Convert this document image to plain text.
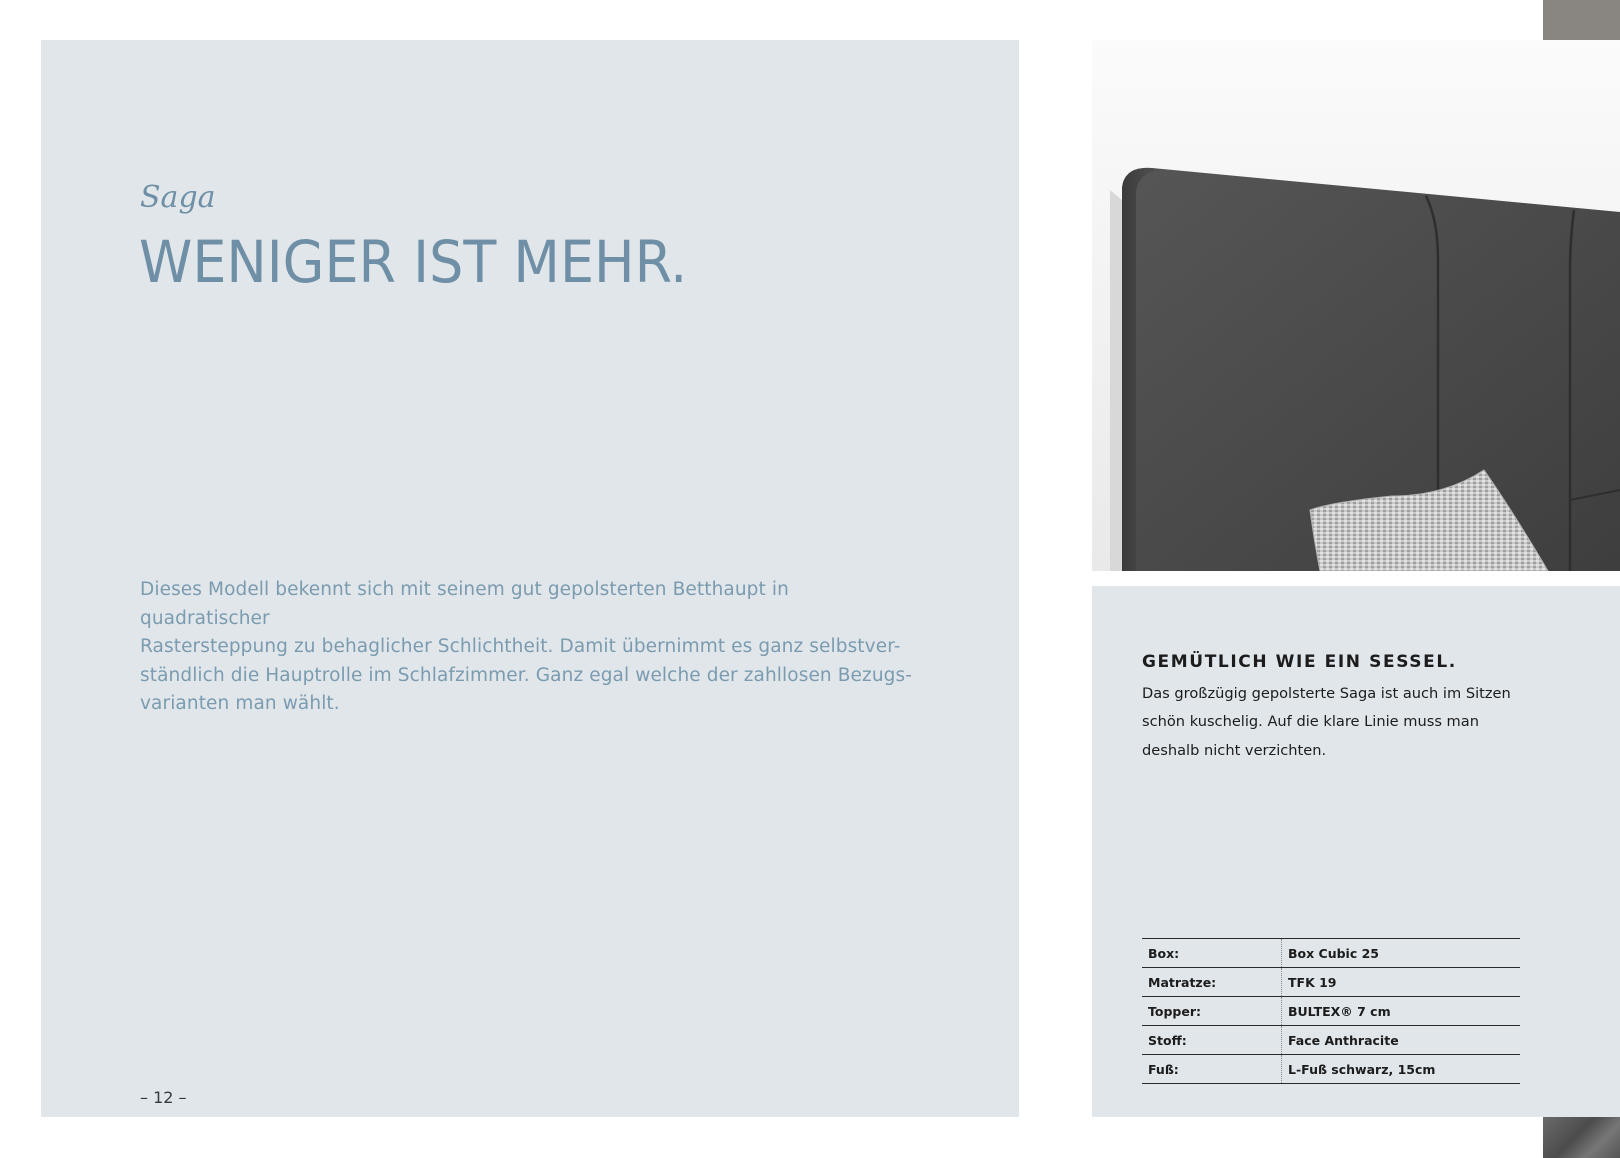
Saga
WENIGER IST MEHR.

Dieses Modell bekennt sich mit seinem gut gepolsterten Betthaupt in quadratischer
Rastersteppung zu behaglicher Schlichtheit. Damit übernimmt es ganz selbstver-
ständlich die Hauptrolle im Schlafzimmer. Ganz egal welche der zahllosen Bezugs-
varianten man wählt.

– 12 –
GEMÜTLICH WIE EIN SESSEL.

Das großzügig gepolsterte Saga ist auch im Sitzen
schön kuschelig. Auf die klare Linie muss man
deshalb nicht verzichten.

Box:	Box Cubic 25
Matratze:	TFK 19
Topper:	BULTEX® 7 cm
Stoff:	Face Anthracite
Fuß:	L-Fuß schwarz, 15cm
